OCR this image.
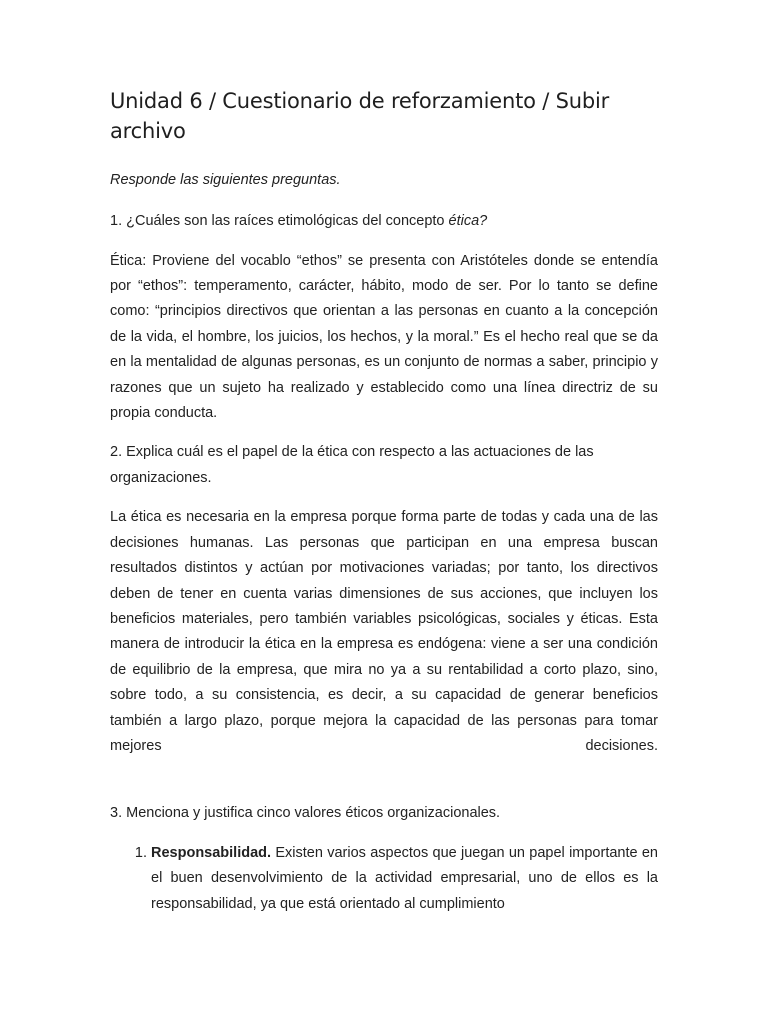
Unidad 6 / Cuestionario de reforzamiento / Subir archivo

Responde las siguientes preguntas.

1. ¿Cuáles son las raíces etimológicas del concepto ética?

Ética: Proviene del vocablo “ethos” se presenta con Aristóteles donde se entendía por “ethos”: temperamento, carácter, hábito, modo de ser. Por lo tanto se define como: “principios directivos que orientan a las personas en cuanto a la concepción de la vida, el hombre, los juicios, los hechos, y la moral.” Es el hecho real que se da en la mentalidad de algunas personas, es un conjunto de normas a saber, principio y razones que un sujeto ha realizado y establecido como una línea directriz de su propia conducta.

2. Explica cuál es el papel de la ética con respecto a las actuaciones de las organizaciones.

La ética es necesaria en la empresa porque forma parte de todas y cada una de las decisiones humanas. Las personas que participan en una empresa buscan resultados distintos y actúan por motivaciones variadas; por tanto, los directivos deben de tener en cuenta varias dimensiones de sus acciones, que incluyen los beneficios materiales, pero también variables psicológicas, sociales y éticas. Esta manera de introducir la ética en la empresa es endógena: viene a ser una condición de equilibrio de la empresa, que mira no ya a su rentabilidad a corto plazo, sino, sobre todo, a su consistencia, es decir, a su capacidad de generar beneficios también a largo plazo, porque mejora la capacidad de las personas para tomar mejores decisiones.

3. Menciona y justifica cinco valores éticos organizacionales.

1. Responsabilidad. Existen varios aspectos que juegan un papel importante en el buen desenvolvimiento de la actividad empresarial, uno de ellos es la responsabilidad, ya que está orientado al cumplimiento
